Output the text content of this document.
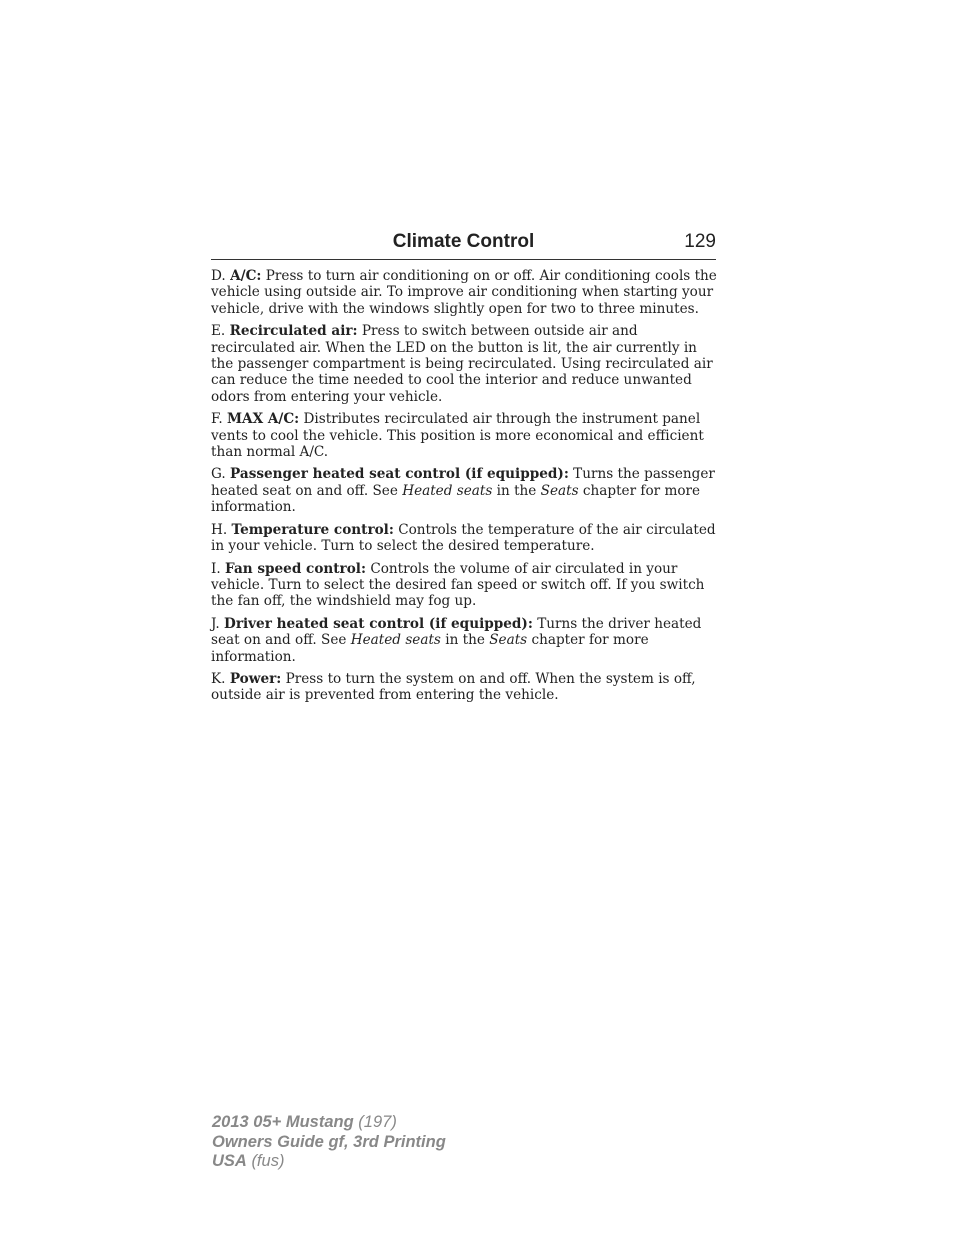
Climate Control	129

D. A/C: Press to turn air conditioning on or off. Air conditioning cools the vehicle using outside air. To improve air conditioning when starting your vehicle, drive with the windows slightly open for two to three minutes.

E. Recirculated air: Press to switch between outside air and recirculated air. When the LED on the button is lit, the air currently in the passenger compartment is being recirculated. Using recirculated air can reduce the time needed to cool the interior and reduce unwanted odors from entering your vehicle.

F. MAX A/C: Distributes recirculated air through the instrument panel vents to cool the vehicle. This position is more economical and efficient than normal A/C.

G. Passenger heated seat control (if equipped): Turns the passenger heated seat on and off. See Heated seats in the Seats chapter for more information.

H. Temperature control: Controls the temperature of the air circulated in your vehicle. Turn to select the desired temperature.

I. Fan speed control: Controls the volume of air circulated in your vehicle. Turn to select the desired fan speed or switch off. If you switch the fan off, the windshield may fog up.

J. Driver heated seat control (if equipped): Turns the driver heated seat on and off. See Heated seats in the Seats chapter for more information.

K. Power: Press to turn the system on and off. When the system is off, outside air is prevented from entering the vehicle.

2013 05+ Mustang (197)
Owners Guide gf, 3rd Printing
USA (fus)
